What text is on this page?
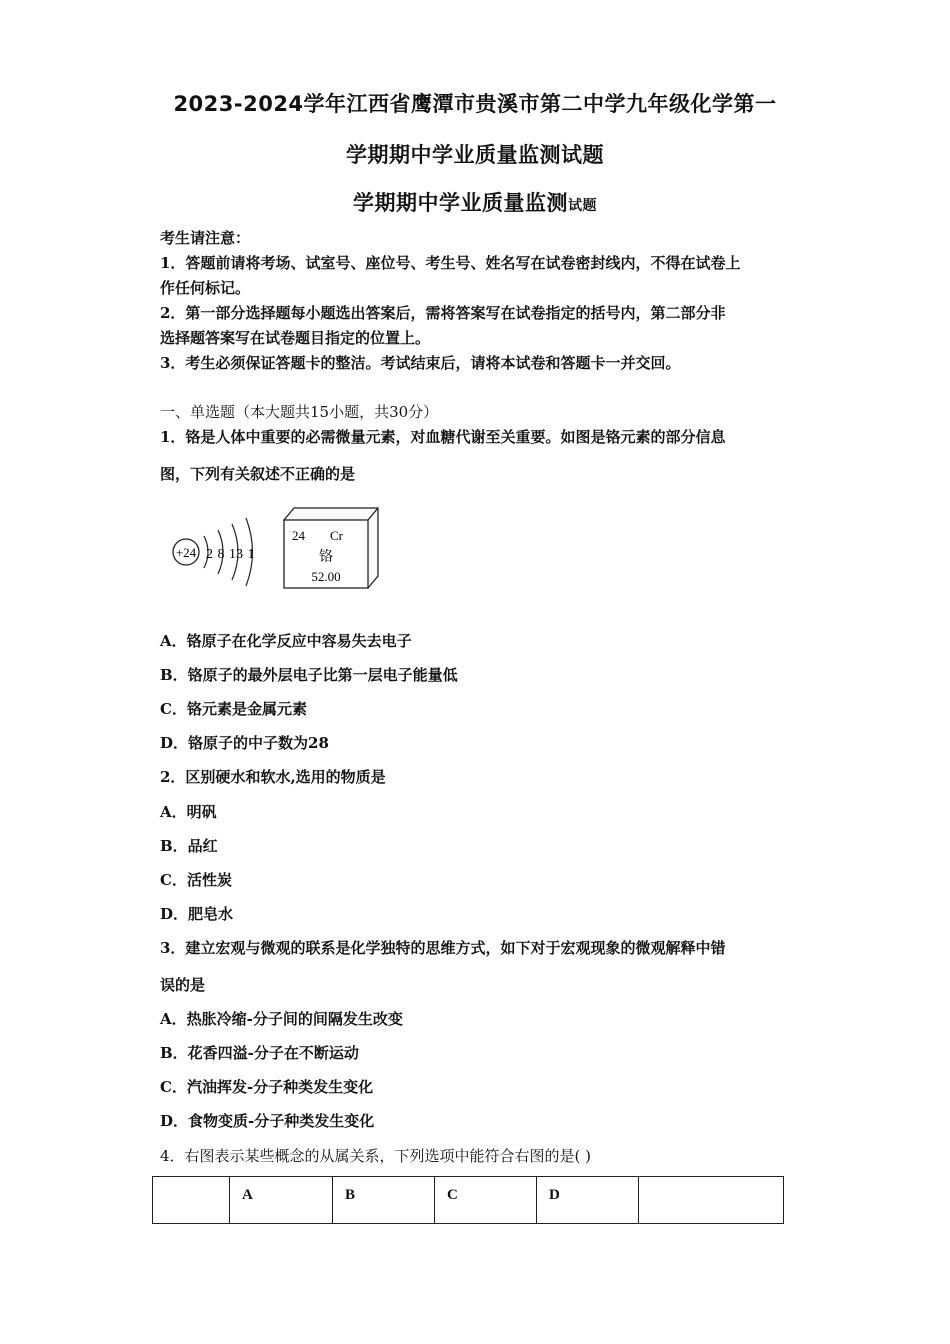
2023-2024学年江西省鹰潭市贵溪市第二中学九年级化学第一
学期期中学业质量监测试题
学期期中学业质量监测试题
考生请注意：
1．答题前请将考场、试室号、座位号、考生号、姓名写在试卷密封线内，不得在试卷上
作任何标记。
2．第一部分选择题每小题选出答案后，需将答案写在试卷指定的括号内，第二部分非
选择题答案写在试卷题目指定的位置上。
3．考生必须保证答题卡的整洁。考试结束后，请将本试卷和答题卡一并交回。
一、单选题（本大题共15小题，共30分）
1．铬是人体中重要的必需微量元素，对血糖代谢至关重要。如图是铬元素的部分信息
图，下列有关叙述不正确的是
+24 2 8 13 1
24 Cr
铬
52.00
A．铬原子在化学反应中容易失去电子
B．铬原子的最外层电子比第一层电子能量低
C．铬元素是金属元素
D．铬原子的中子数为28
2．区别硬水和软水,选用的物质是
A．明矾
B．品红
C．活性炭
D．肥皂水
3．建立宏观与微观的联系是化学独特的思维方式，如下对于宏观现象的微观解释中错
误的是
A．热胀冷缩-分子间的间隔发生改变
B．花香四溢-分子在不断运动
C．汽油挥发-分子种类发生变化
D．食物变质-分子种类发生变化
4．右图表示某些概念的从属关系，下列选项中能符合右图的是( )
	A	B	C	D	
